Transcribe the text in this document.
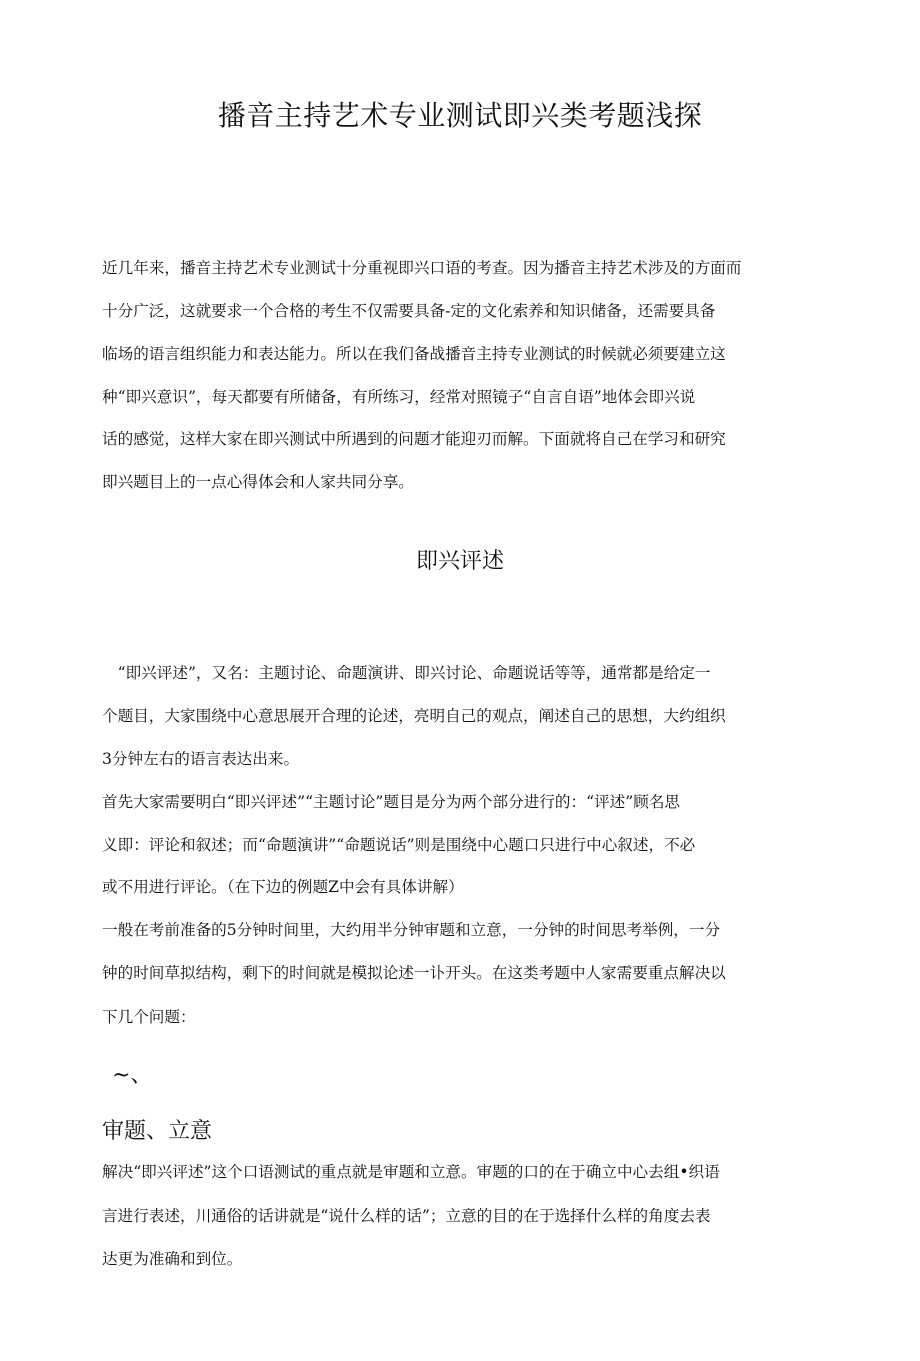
播音主持艺术专业测试即兴类考题浅探
近几年来，播音主持艺术专业测试十分重视即兴口语的考查。因为播音主持艺术涉及的方面而
十分广泛，这就要求一个合格的考生不仅需要具备-定的文化索养和知识储备，还需要具备
临场的语言组织能力和表达能力。所以在我们备战播音主持专业测试的时候就必须要建立这
种“即兴意识”，每天都要有所储备，有所练习，经常对照镜子“自言自语”地体会即兴说
话的感觉，这样大家在即兴测试中所遇到的问题才能迎刃而解。下面就将自己在学习和研究
即兴题目上的一点心得体会和人家共同分享。
即兴评述
　“即兴评述”，又名：主题讨论、命题演讲、即兴讨论、命题说话等等，通常都是给定一
个题目，大家围绕中心意思展开合理的论述，亮明自己的观点，阐述自己的思想，大约组织
3分钟左右的语言表达出来。
首先大家需要明白“即兴评述”“主题讨论”题目是分为两个部分进行的：“评述”顾名思
义即：评论和叙述；而“命题演讲”“命题说话”则是围绕中心题口只进行中心叙述，不必
或不用进行评论。（在下边的例题Z中会有具体讲解）
一般在考前准备的5分钟时间里，大约用半分钟审题和立意，一分钟的时间思考举例，一分
钟的时间草拟结构，剩下的时间就是模拟论述一讣开头。在这类考题中人家需要重点解决以
下几个问题：
~、
审题、立意
解决“即兴评述”这个口语测试的重点就是审题和立意。审题的口的在于确立中心去组•织语
言进行表述，川通俗的话讲就是“说什么样的话”；立意的目的在于选择什么样的角度去表
达更为准确和到位。
